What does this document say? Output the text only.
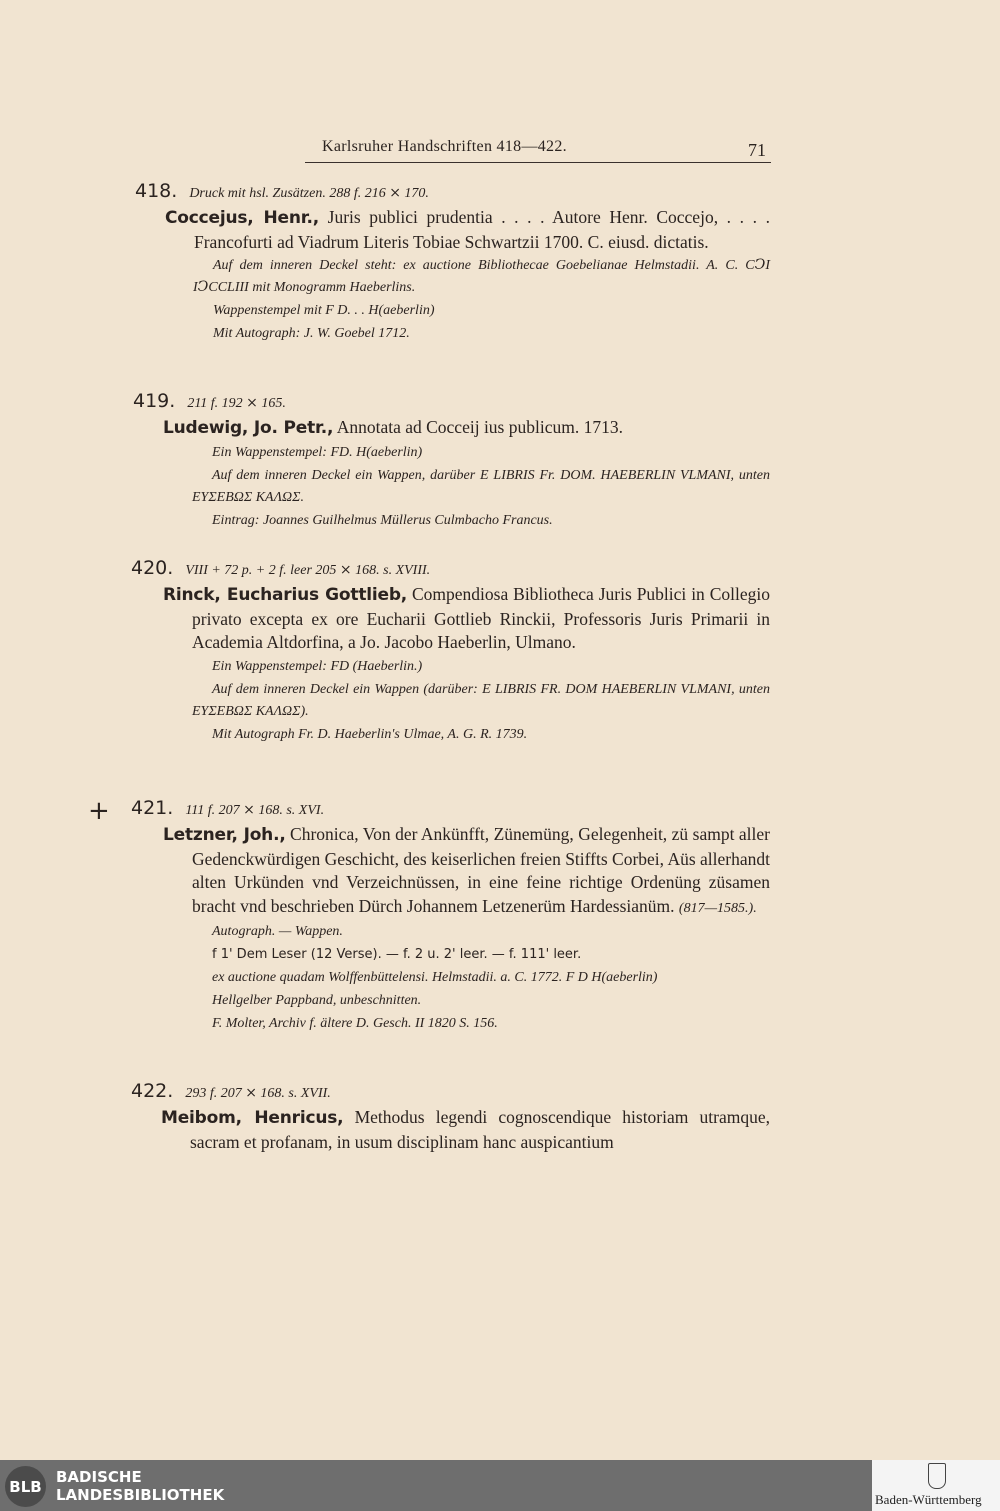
Karlsruher Handschriften 418—422.	71
418. Druck mit hsl. Zusätzen. 288 f. 216 ⨯ 170.
Coccejus, Henr., Juris publici prudentia . . . . Autore Henr. Coccejo, . . . . Francofurti ad Viadrum Literis Tobiae Schwartzii 1700. C. eiusd. dictatis.
Auf dem inneren Deckel steht: ex auctione Bibliothecae Goebelianae Helmstadii. A. C. CↃI IↃCCLIII mit Monogramm Haeberlins.
Wappenstempel mit F D. . . H(aeberlin)
Mit Autograph: J. W. Goebel 1712.
419. 211 f. 192 ⨯ 165.
Ludewig, Jo. Petr., Annotata ad Cocceij ius publicum. 1713.
Ein Wappenstempel: FD. H(aeberlin)
Auf dem inneren Deckel ein Wappen, darüber E LIBRIS Fr. DOM. HAEBERLIN VLMANI, unten ΕΥΣΕΒΩΣ ΚΑΛΩΣ.
Eintrag: Joannes Guilhelmus Müllerus Culmbacho Francus.
420. VIII + 72 p. + 2 f. leer 205 ⨯ 168. s. XVIII.
Rinck, Eucharius Gottlieb, Compendiosa Bibliotheca Juris Publici in Collegio privato excepta ex ore Eucharii Gottlieb Rinckii, Professoris Juris Primarii in Academia Altdorfina, a Jo. Jacobo Haeberlin, Ulmano.
Ein Wappenstempel: FD (Haeberlin.)
Auf dem inneren Deckel ein Wappen (darüber: E LIBRIS FR. DOM HAEBERLIN VLMANI, unten ΕΥΣΕΒΩΣ ΚΑΛΩΣ).
Mit Autograph Fr. D. Haeberlin's Ulmae, A. G. R. 1739.
+ 421. 111 f. 207 ⨯ 168. s. XVI.
Letzner, Joh., Chronica, Von der Ankünfft, Zünemüng, Gelegenheit, zü sampt aller Gedenckwürdigen Geschicht, des keiserlichen freien Stiffts Corbei, Aüs allerhandt alten Urkünden vnd Verzeichnüssen, in eine feine richtige Ordenüng züsamen bracht vnd beschrieben Dürch Johannem Letzenerüm Hardessianüm. (817—1585.).
Autograph. — Wappen.
f 1' Dem Leser (12 Verse). — f. 2 u. 2' leer. — f. 111' leer.
ex auctione quadam Wolffenbüttelensi. Helmstadii. a. C. 1772. F D H(aeberlin)
Hellgelber Pappband, unbeschnitten.
F. Molter, Archiv f. ältere D. Gesch. II 1820 S. 156.
422. 293 f. 207 ⨯ 168. s. XVII.
Meibom, Henricus, Methodus legendi cognoscendique historiam utramque, sacram et profanam, in usum disciplinam hanc auspicantium
BLB
BADISCHE
LANDESBIBLIOTHEK	Baden-Württemberg
